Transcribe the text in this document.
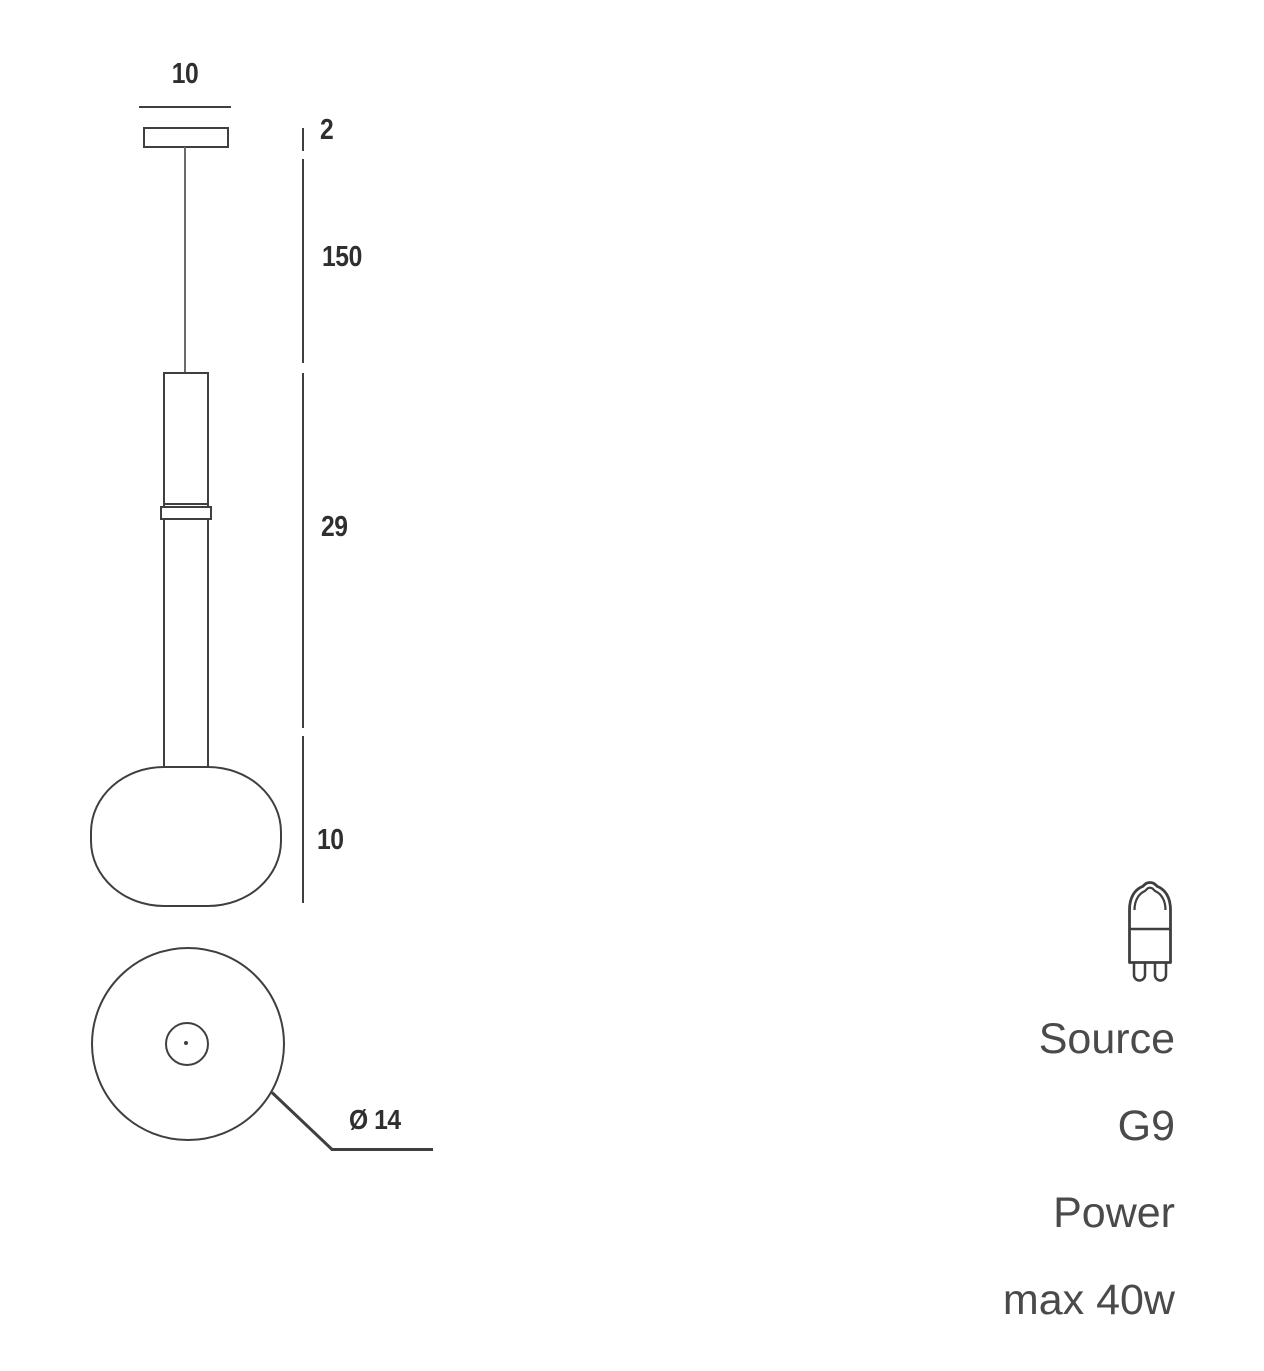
10
2
150
29
10
Ø 14
Source
G9
Power
max 40w
